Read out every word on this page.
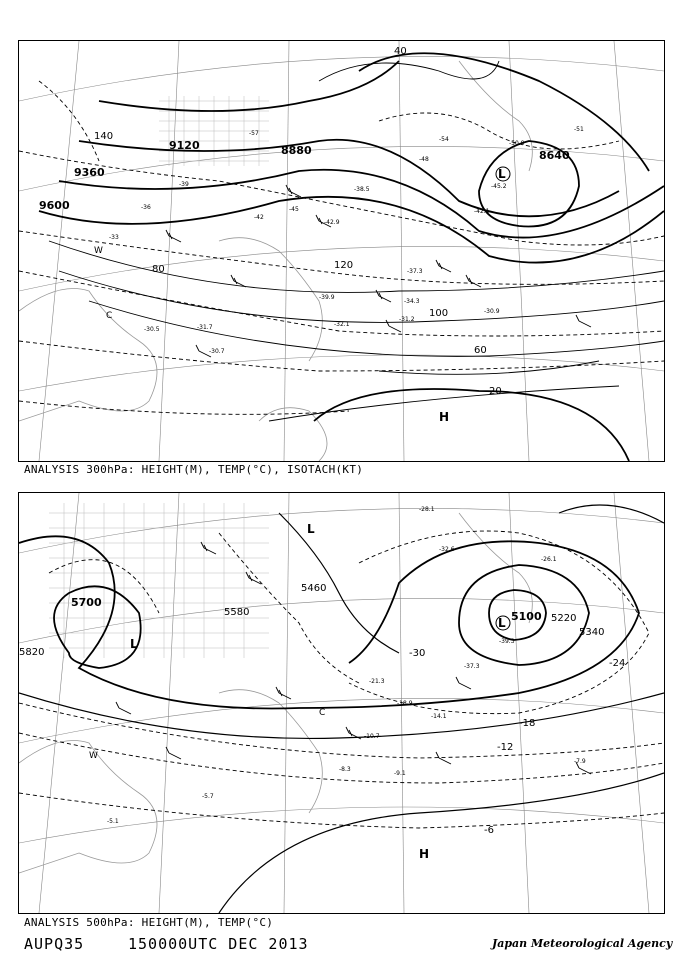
9600
9360
9120	8880	8640
20
40
60
80
100
120
140
-33
-36
-39
-42
-45
-48
-51
-54
-57
-42.9
-37.3
-34.3
-32.1
-31.2
-30.9
-30.7
-30.5	-31.7
-39.9
-38.5	-45.2
-42.1
-50.9
L
H
C
W
ANALYSIS 300hPa: HEIGHT(M), TEMP(°C), ISOTACH(KT)
5700
5820
5580
5460
5340
5220
5100
-6
-12
-18
-24
-30
-28.1
-32.6
-39.3
-37.3
-21.3
-18.9
-14.1
-10.7
-9.1
-8.3
-7.9
-5.7
-5.1
-26.1
L
L
L
H
W
C
ANALYSIS 500hPa: HEIGHT(M), TEMP(°C)
AUPQ35	150000UTC DEC 2013	Japan Meteorological Agency
